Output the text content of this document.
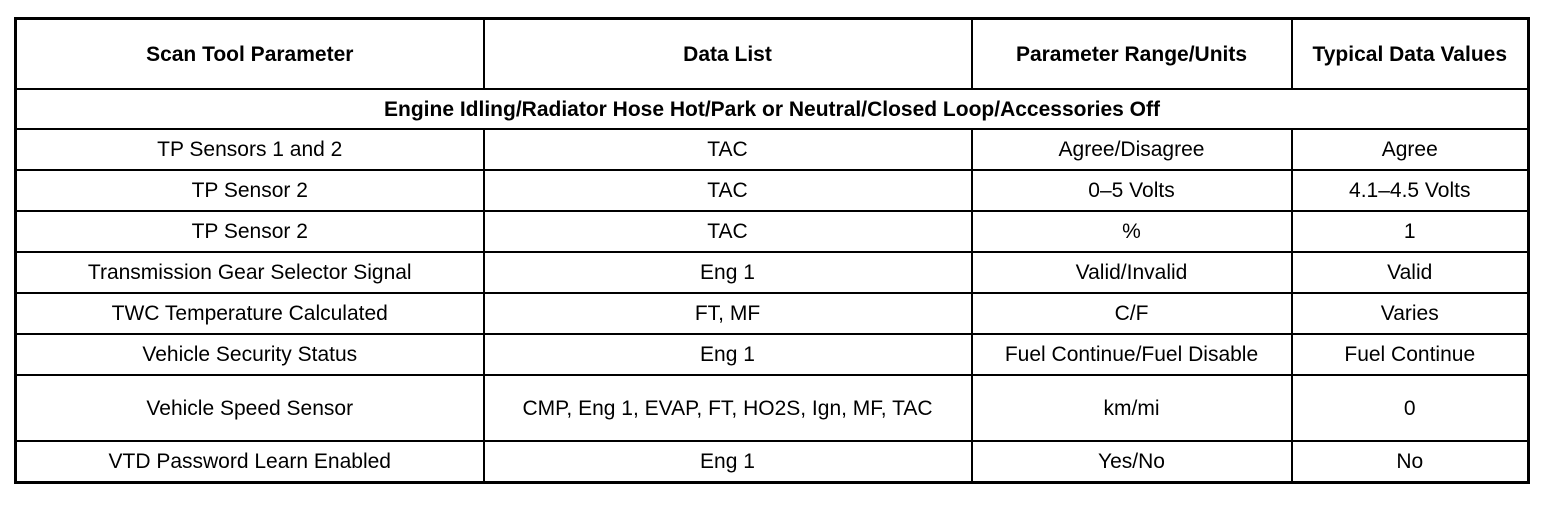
Scan Tool Parameter	Data List	Parameter Range/Units	Typical Data Values
Engine Idling/Radiator Hose Hot/Park or Neutral/Closed Loop/Accessories Off			
TP Sensors 1 and 2	TAC	Agree/Disagree	Agree
TP Sensor 2	TAC	0–5 Volts	4.1–4.5 Volts
TP Sensor 2	TAC	%	1
Transmission Gear Selector Signal	Eng 1	Valid/Invalid	Valid
TWC Temperature Calculated	FT, MF	C/F	Varies
Vehicle Security Status	Eng 1	Fuel Continue/Fuel Disable	Fuel Continue
Vehicle Speed Sensor	CMP, Eng 1, EVAP, FT, HO2S, Ign, MF, TAC	km/mi	0
VTD Password Learn Enabled	Eng 1	Yes/No	No
